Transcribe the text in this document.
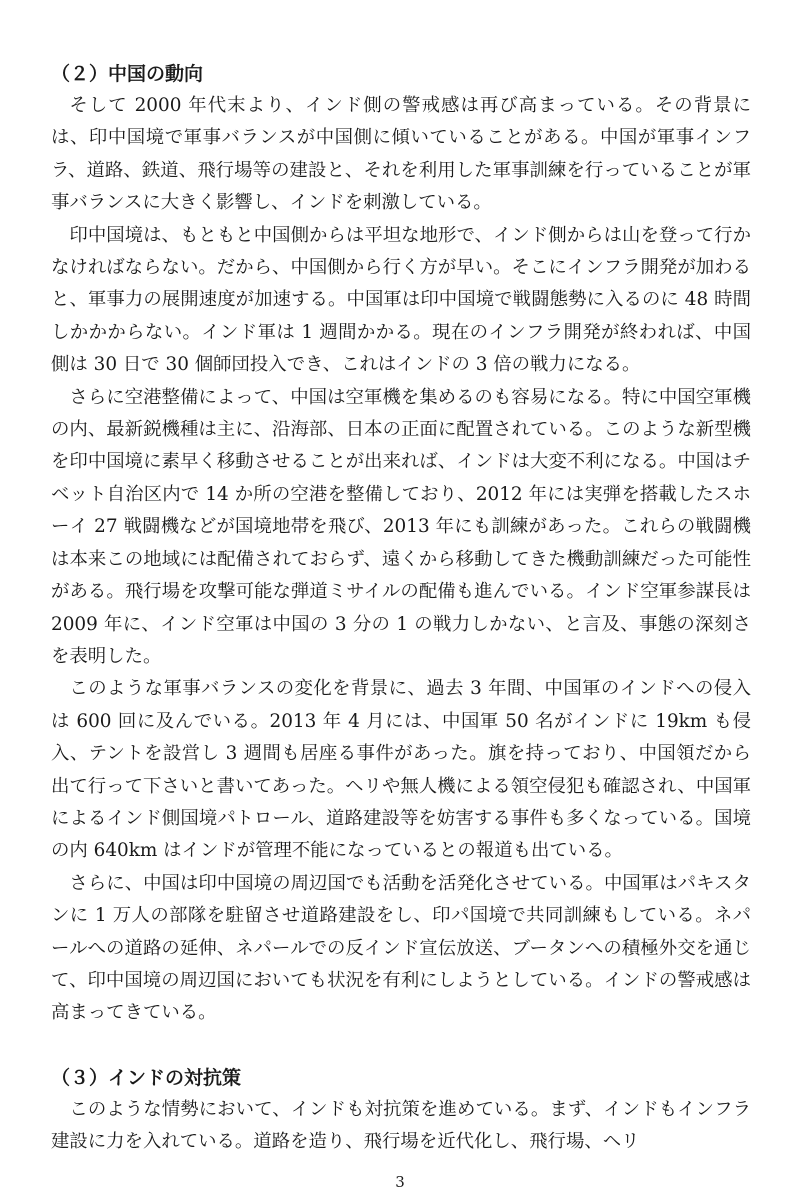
（２）中国の動向

そして 2000 年代末より、インド側の警戒感は再び高まっている。その背景には、印中国境で軍事バランスが中国側に傾いていることがある。中国が軍事インフラ、道路、鉄道、飛行場等の建設と、それを利用した軍事訓練を行っていることが軍事バランスに大きく影響し、インドを刺激している。

印中国境は、もともと中国側からは平坦な地形で、インド側からは山を登って行かなければならない。だから、中国側から行く方が早い。そこにインフラ開発が加わると、軍事力の展開速度が加速する。中国軍は印中国境で戦闘態勢に入るのに 48 時間しかかからない。インド軍は 1 週間かかる。現在のインフラ開発が終われば、中国側は 30 日で 30 個師団投入でき、これはインドの 3 倍の戦力になる。

さらに空港整備によって、中国は空軍機を集めるのも容易になる。特に中国空軍機の内、最新鋭機種は主に、沿海部、日本の正面に配置されている。このような新型機を印中国境に素早く移動させることが出来れば、インドは大変不利になる。中国はチベット自治区内で 14 か所の空港を整備しており、2012 年には実弾を搭載したスホーイ 27 戦闘機などが国境地帯を飛び、2013 年にも訓練があった。これらの戦闘機は本来この地域には配備されておらず、遠くから移動してきた機動訓練だった可能性がある。飛行場を攻撃可能な弾道ミサイルの配備も進んでいる。インド空軍参謀長は 2009 年に、インド空軍は中国の 3 分の 1 の戦力しかない、と言及、事態の深刻さを表明した。

このような軍事バランスの変化を背景に、過去 3 年間、中国軍のインドへの侵入は 600 回に及んでいる。2013 年 4 月には、中国軍 50 名がインドに 19km も侵入、テントを設営し 3 週間も居座る事件があった。旗を持っており、中国領だから出て行って下さいと書いてあった。ヘリや無人機による領空侵犯も確認され、中国軍によるインド側国境パトロール、道路建設等を妨害する事件も多くなっている。国境の内 640km はインドが管理不能になっているとの報道も出ている。

さらに、中国は印中国境の周辺国でも活動を活発化させている。中国軍はパキスタンに 1 万人の部隊を駐留させ道路建設をし、印パ国境で共同訓練もしている。ネパールへの道路の延伸、ネパールでの反インド宣伝放送、ブータンへの積極外交を通じて、印中国境の周辺国においても状況を有利にしようとしている。インドの警戒感は高まってきている。

（３）インドの対抗策

このような情勢において、インドも対抗策を進めている。まず、インドもインフラ建設に力を入れている。道路を造り、飛行場を近代化し、飛行場、ヘリ

3
